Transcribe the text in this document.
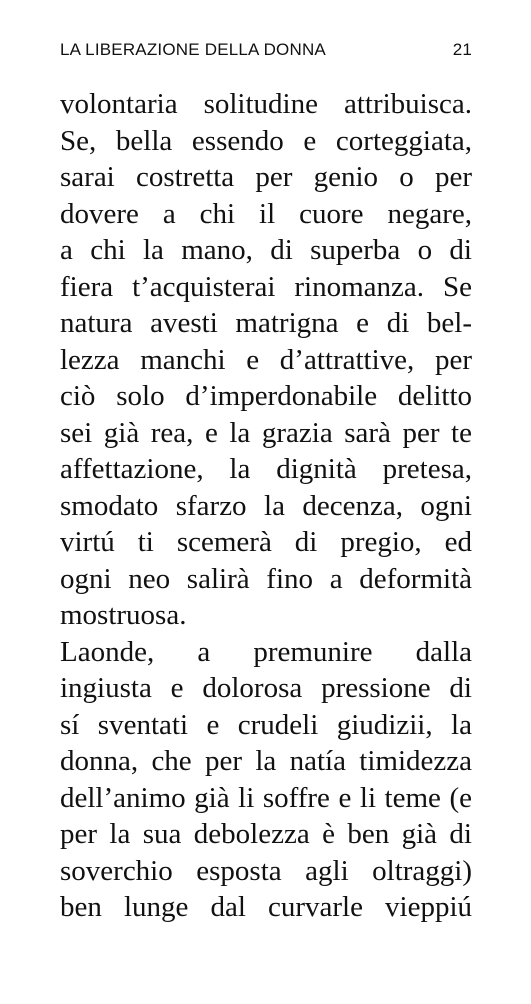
LA LIBERAZIONE DELLA DONNA	21
volontaria solitudine attribuisca.
Se, bella essendo e corteggiata,
sarai costretta per genio o per
dovere a chi il cuore negare,
a chi la mano, di superba o di
fiera t’acquisterai rinomanza. Se
natura avesti matrigna e di bel-
lezza manchi e d’attrattive, per
ciò solo d’imperdonabile delitto
sei già rea, e la grazia sarà per te
affettazione, la dignità pretesa,
smodato sfarzo la decenza, ogni
virtú ti scemerà di pregio, ed
ogni neo salirà fino a deformità
mostruosa.
Laonde, a premunire dalla
ingiusta e dolorosa pressione di
sí sventati e crudeli giudizii, la
donna, che per la natía timidezza
dell’animo già li soffre e li teme (e
per la sua debolezza è ben già di
soverchio esposta agli oltraggi)
ben lunge dal curvarle vieppiú
